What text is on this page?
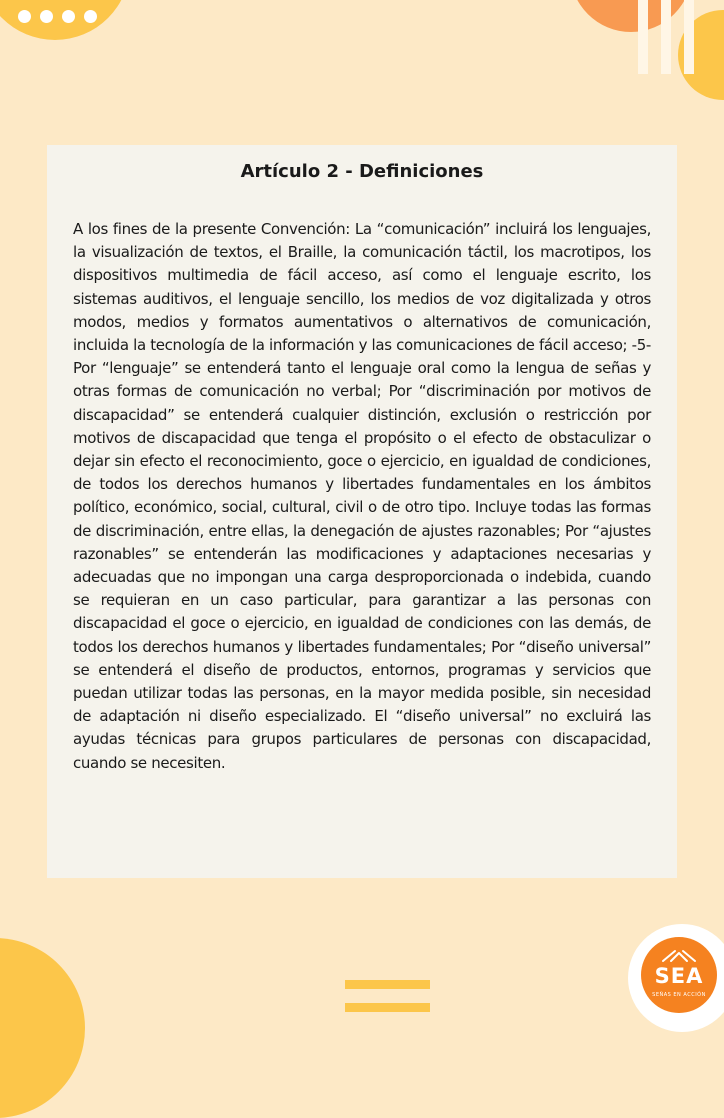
Artículo 2 - Definiciones
A los fines de la presente Convención: La “comunicación” incluirá los lenguajes, la visualización de textos, el Braille, la comunicación táctil, los macrotipos, los dispositivos multimedia de fácil acceso, así como el lenguaje escrito, los sistemas auditivos, el lenguaje sencillo, los medios de voz digitalizada y otros modos, medios y formatos aumentativos o alternativos de comunicación, incluida la tecnología de la información y las comunicaciones de fácil acceso; -5- Por “lenguaje” se entenderá tanto el lenguaje oral como la lengua de señas y otras formas de comunicación no verbal; Por “discriminación por motivos de discapacidad” se entenderá cualquier distinción, exclusión o restricción por motivos de discapacidad que tenga el propósito o el efecto de obstaculizar o dejar sin efecto el reconocimiento, goce o ejercicio, en igualdad de condiciones, de todos los derechos humanos y libertades fundamentales en los ámbitos político, económico, social, cultural, civil o de otro tipo. Incluye todas las formas de discriminación, entre ellas, la denegación de ajustes razonables; Por “ajustes razonables” se entenderán las modificaciones y adaptaciones necesarias y adecuadas que no impongan una carga desproporcionada o indebida, cuando se requieran en un caso particular, para garantizar a las personas con discapacidad el goce o ejercicio, en igualdad de condiciones con las demás, de todos los derechos humanos y libertades fundamentales; Por “diseño universal” se entenderá el diseño de productos, entornos, programas y servicios que puedan utilizar todas las personas, en la mayor medida posible, sin necesidad de adaptación ni diseño especializado. El “diseño universal” no excluirá las ayudas técnicas para grupos particulares de personas con discapacidad, cuando se necesiten.
SEA
SEÑAS EN ACCIÓN
